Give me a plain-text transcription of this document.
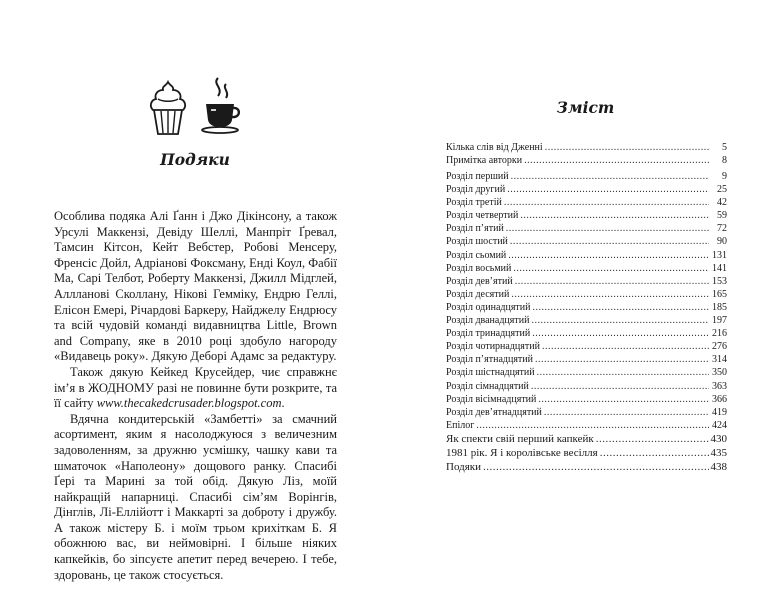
Подяки

Особлива подяка Алі Ґанн і Джо Дікінсону, а також Урсулі Маккензі, Девіду Шеллі, Манпріт Ґревал, Тамсин Кітсон, Кейт Вебстер, Робові Менсеру, Френсіс Дойл, Адріанові Фоксману, Енді Коул, Фабії Ма, Сарі Телбот, Роберту Маккензі, Джилл Мідглей, Аллланові Сколлану, Нікові Гемміку, Ендрю Геллі, Елісон Емері, Річардові Баркеру, Найджелу Ендрюсу та всій чудовій команді видавництва Little, Brown and Company, яке в 2010 році здобуло нагороду «Видавець року». Дякую Деборі Адамс за редактуру.

Також дякую Кейкед Крусейдер, чиє справжнє ім’я в ЖОДНОМУ разі не повинне бути розкрите, та її сайту www.thecakedcrusader.blogspot.com.

Вдячна кондитерській «Замбетті» за смачний асортимент, яким я насолоджуюся з величезним задоволенням, за дружню усмішку, чашку кави та шматочок «Наполеону» дощового ранку. Спасибі Ґері та Марині за той обід. Дякую Ліз, моїй найкращій напарниці. Спасибі сім’ям Ворінгів, Дінглів, Лі-Еллійотт і Маккарті за доброту і дружбу. А також містеру Б. і моїм трьом крихіткам Б. Я обожнюю вас, ви неймовірні. І більше ніяких капкейків, бо зіпсуєте апетит перед вечерею. І тебе, здоровань, це також стосується.

Зміст
Кілька слів від Дженні .....	5
Примітка авторки .....	8
Розділ перший .....	9
Розділ другий .....	25
Розділ третій .....	42
Розділ четвертий .....	59
Розділ п’ятий .....	72
Розділ шостий .....	90
Розділ сьомий .....	131
Розділ восьмий .....	141
Розділ дев’ятий .....	153
Розділ десятий .....	165
Розділ одинадцятий .....	185
Розділ дванадцятий .....	197
Розділ тринадцятий .....	216
Розділ чотирнадцятий .....	276
Розділ п’ятнадцятий .....	314
Розділ шістнадцятий .....	350
Розділ сімнадцятий .....	363
Розділ вісімнадцятий .....	366
Розділ дев’ятнадцятий .....	419
Епілог .....	424
Як спекти свій перший капкейк .....	430
1981 рік. Я і королівське весілля .....	435
Подяки .....	438
